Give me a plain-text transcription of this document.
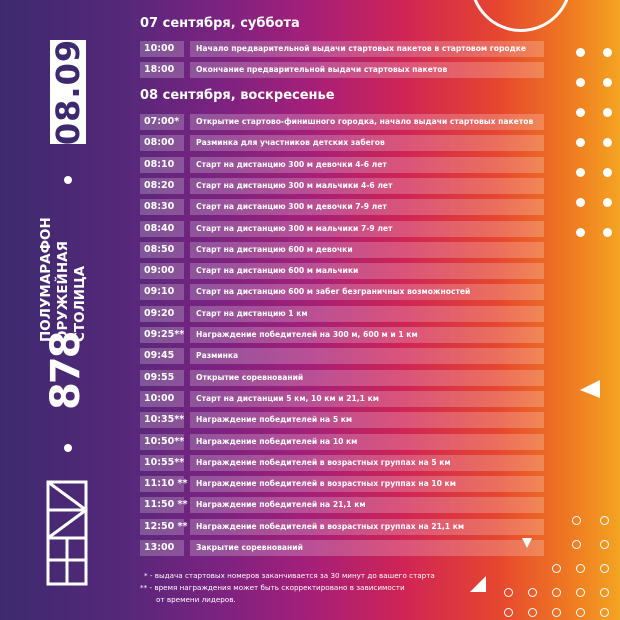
08.09
ПОЛУМАРАФОН ОРУЖЕЙНАЯ СТОЛИЦА
878
07 сентября, суббота
08 сентября, воскресенье
10:00	Начало предварительной выдачи стартовых пакетов в стартовом городке
18:00	Окончание предварительной выдачи стартовых пакетов
07:00*	Открытие стартово-финишного городка, начало выдачи стартовых пакетов
08:00	Разминка для участников детских забегов
08:10	Старт на дистанцию 300 м девочки 4-6 лет
08:20	Старт на дистанцию 300 м мальчики 4-6 лет
08:30	Старт на дистанцию 300 м девочки 7-9 лет
08:40	Старт на дистанцию 300 м мальчики 7-9 лет
08:50	Старт на дистанцию 600 м девочки
09:00	Старт на дистанцию 600 м мальчики
09:10	Старт на дистанцию 600 м забег безграничных возможностей
09:20	Старт на дистанцию 1 км
09:25**	Награждение победителей на 300 м, 600 м и 1 км
09:45	Разминка
09:55	Открытие соревнований
10:00	Старт на дистанции 5 км, 10 км и 21,1 км
10:35**	Награждение победителей на 5 км
10:50**	Награждение победителей на 10 км
10:55**	Награждение победителей в возрастных группах на 5 км
11:10 **	Награждение победителей в возрастных группах на 10 км
11:50 **	Награждение победителей на 21,1 км
12:50 **	Награждение победителей в возрастных группах на 21,1 км
13:00	Закрытие соревнований
* - выдача стартовых номеров заканчивается за 30 минут до вашего старта
** - время награждения может быть скорректировано в зависимости
от времени лидеров.
